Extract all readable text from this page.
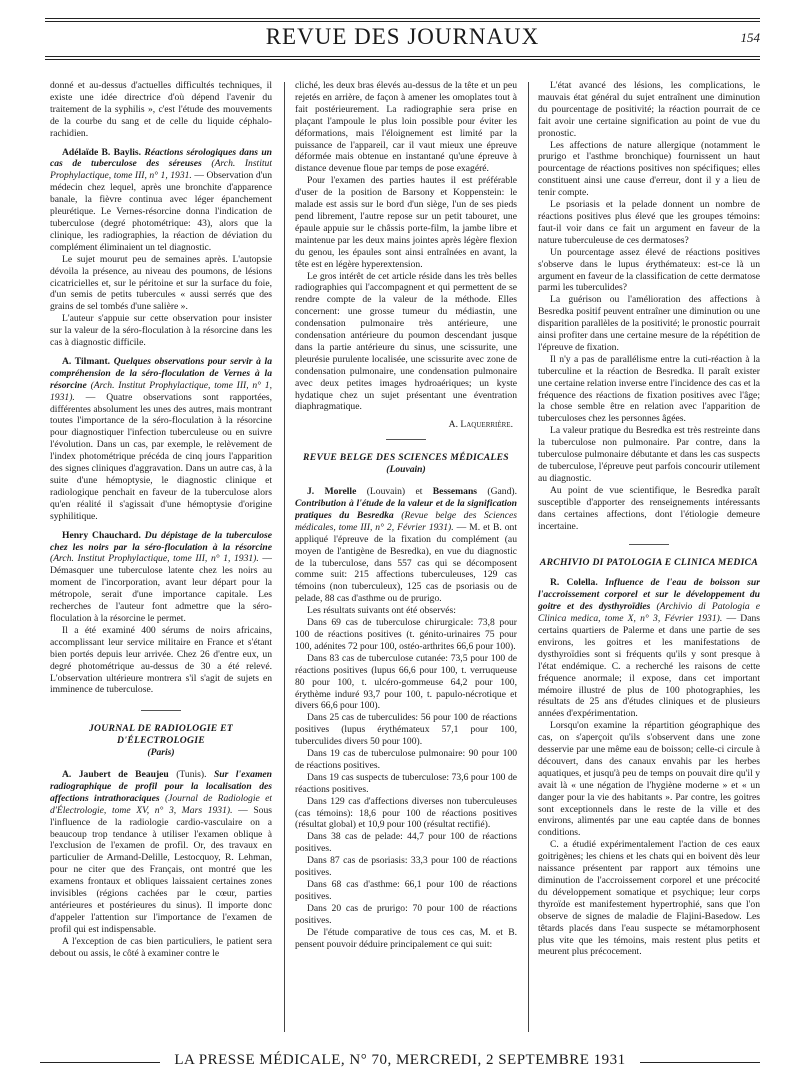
REVUE DES JOURNAUX	154

donné et au-dessus d'actuelles difficultés techniques, il existe une idée directrice d'où dépend l'avenir du traitement de la syphilis », c'est l'étude des mouvements de la courbe du sang et de celle du liquide céphalo-rachidien.

Adélaïde B. Baylis. Réactions sérologiques dans un cas de tuberculose des séreuses (Arch. Institut Prophylactique, tome III, n° 1, 1931. — Observation d'un médecin chez lequel, après une bronchite d'apparence banale, la fièvre continua avec léger épanchement pleurétique. Le Vernes-résorcine donna l'indication de tuberculose (degré photométrique: 43), alors que la clinique, les radiographies, la réaction de déviation du complément éliminaient un tel diagnostic.

Le sujet mourut peu de semaines après. L'autopsie dévoila la présence, au niveau des poumons, de lésions cicatricielles et, sur le péritoine et sur la surface du foie, d'un semis de petits tubercules « aussi serrés que des grains de sel tombés d'une salière ».

L'auteur s'appuie sur cette observation pour insister sur la valeur de la séro-floculation à la résorcine dans les cas à diagnostic difficile.

A. Tilmant. Quelques observations pour servir à la compréhension de la séro-floculation de Vernes à la résorcine (Arch. Institut Prophylactique, tome III, n° 1, 1931). — Quatre observations sont rapportées, différentes absolument les unes des autres, mais montrant toutes l'importance de la séro-floculation à la résorcine pour diagnostiquer l'infection tuberculeuse ou en suivre l'évolution. Dans un cas, par exemple, le relèvement de l'index photométrique précéda de cinq jours l'apparition des signes cliniques d'aggravation. Dans un autre cas, à la suite d'une hémoptysie, le diagnostic clinique et radiologique penchait en faveur de la tuberculose alors qu'en réalité il s'agissait d'une hémoptysie d'origine syphilitique.

Henry Chauchard. Du dépistage de la tuberculose chez les noirs par la séro-floculation à la résorcine (Arch. Institut Prophylactique, tome III, n° 1, 1931). — Démasquer une tuberculose latente chez les noirs au moment de l'incorporation, avant leur départ pour la métropole, serait d'une importance capitale. Les recherches de l'auteur font admettre que la séro-floculation à la résorcine le permet.

Il a été examiné 400 sérums de noirs africains, accomplissant leur service militaire en France et s'étant bien portés depuis leur arrivée. Chez 26 d'entre eux, un degré photométrique au-dessus de 30 a été relevé. L'observation ultérieure montrera s'il s'agit de sujets en imminence de tuberculose.

JOURNAL DE RADIOLOGIE ET D'ÉLECTROLOGIE

(Paris)

A. Jaubert de Beaujeu (Tunis). Sur l'examen radiographique de profil pour la localisation des affections intrathoraciques (Journal de Radiologie et d'Électrologie, tome XV, n° 3, Mars 1931). — Sous l'influence de la radiologie cardio-vasculaire on a beaucoup trop tendance à utiliser l'examen oblique à l'exclusion de l'examen de profil. Or, des travaux en particulier de Armand-Delille, Lestocquoy, R. Lehman, pour ne citer que des Français, ont montré que les examens frontaux et obliques laissaient certaines zones invisibles (régions cachées par le cœur, parties antérieures et postérieures du sinus). Il importe donc d'appeler l'attention sur l'importance de l'examen de profil qui est indispensable.

A l'exception de cas bien particuliers, le patient sera debout ou assis, le côté à examiner contre le

cliché, les deux bras élevés au-dessus de la tête et un peu rejetés en arrière, de façon à amener les omoplates tout à fait postérieurement. La radiographie sera prise en plaçant l'ampoule le plus loin possible pour éviter les déformations, mais l'éloignement est limité par la puissance de l'appareil, car il vaut mieux une épreuve déformée mais obtenue en instantané qu'une épreuve à distance devenue floue par temps de pose exagéré.

Pour l'examen des parties hautes il est préférable d'user de la position de Barsony et Koppenstein: le malade est assis sur le bord d'un siège, l'un de ses pieds pend librement, l'autre repose sur un petit tabouret, une épaule appuie sur le châssis porte-film, la jambe libre et maintenue par les deux mains jointes après légère flexion du genou, les épaules sont ainsi entraînées en avant, la tête est en légère hyperextension.

Le gros intérêt de cet article réside dans les très belles radiographies qui l'accompagnent et qui permettent de se rendre compte de la valeur de la méthode. Elles concernent: une grosse tumeur du médiastin, une condensation pulmonaire très antérieure, une condensation antérieure du poumon descendant jusque dans la partie antérieure du sinus, une scissurite, une pleurésie purulente localisée, une scissurite avec zone de condensation pulmonaire, une condensation pulmonaire avec deux petites images hydroaériques; un kyste hydatique chez un sujet présentant une éventration diaphragmatique.

A. Laquerrière.

REVUE BELGE DES SCIENCES MÉDICALES

(Louvain)

J. Morelle (Louvain) et Bessemans (Gand). Contribution à l'étude de la valeur et de la signification pratiques du Besredka (Revue belge des Sciences médicales, tome III, n° 2, Février 1931). — M. et B. ont appliqué l'épreuve de la fixation du complément (au moyen de l'antigène de Besredka), en vue du diagnostic de la tuberculose, dans 557 cas qui se décomposent comme suit: 215 affections tuberculeuses, 129 cas témoins (non tuberculeux), 125 cas de psoriasis ou de pelade, 88 cas d'asthme ou de prurigo.

Les résultats suivants ont été observés:

Dans 69 cas de tuberculose chirurgicale: 73,8 pour 100 de réactions positives (t. génito-urinaires 75 pour 100, adénites 72 pour 100, ostéo-arthrites 66,6 pour 100).

Dans 83 cas de tuberculose cutanée: 73,5 pour 100 de réactions positives (lupus 66,6 pour 100, t. verruqueuse 80 pour 100, t. ulcéro-gommeuse 64,2 pour 100, érythème induré 93,7 pour 100, t. papulo-nécrotique et divers 66,6 pour 100).

Dans 25 cas de tuberculides: 56 pour 100 de réactions positives (lupus érythémateux 57,1 pour 100, tuberculides divers 50 pour 100).

Dans 19 cas de tuberculose pulmonaire: 90 pour 100 de réactions positives.

Dans 19 cas suspects de tuberculose: 73,6 pour 100 de réactions positives.

Dans 129 cas d'affections diverses non tuberculeuses (cas témoins): 18,6 pour 100 de réactions positives (résultat global) et 10,9 pour 100 (résultat rectifié).

Dans 38 cas de pelade: 44,7 pour 100 de réactions positives.

Dans 87 cas de psoriasis: 33,3 pour 100 de réactions positives.

Dans 68 cas d'asthme: 66,1 pour 100 de réactions positives.

Dans 20 cas de prurigo: 70 pour 100 de réactions positives.

De l'étude comparative de tous ces cas, M. et B. pensent pouvoir déduire principalement ce qui suit:

L'état avancé des lésions, les complications, le mauvais état général du sujet entraînent une diminution du pourcentage de positivité; la réaction pourrait de ce fait avoir une certaine signification au point de vue du pronostic.

Les affections de nature allergique (notamment le prurigo et l'asthme bronchique) fournissent un haut pourcentage de réactions positives non spécifiques; elles constituent ainsi une cause d'erreur, dont il y a lieu de tenir compte.

Le psoriasis et la pelade donnent un nombre de réactions positives plus élevé que les groupes témoins: faut-il voir dans ce fait un argument en faveur de la nature tuberculeuse de ces dermatoses?

Un pourcentage assez élevé de réactions positives s'observe dans le lupus érythémateux: est-ce là un argument en faveur de la classification de cette dermatose parmi les tuberculides?

La guérison ou l'amélioration des affections à Besredka positif peuvent entraîner une diminution ou une disparition parallèles de la positivité; le pronostic pourrait ainsi profiter dans une certaine mesure de la répétition de l'épreuve de fixation.

Il n'y a pas de parallélisme entre la cuti-réaction à la tuberculine et la réaction de Besredka. Il paraît exister une certaine relation inverse entre l'incidence des cas et la fréquence des réactions de fixation positives avec l'âge; la chose semble être en relation avec l'apparition de tuberculoses chez les personnes âgées.

La valeur pratique du Besredka est très restreinte dans la tuberculose non pulmonaire. Par contre, dans la tuberculose pulmonaire débutante et dans les cas suspects de tuberculose, l'épreuve peut parfois concourir utilement au diagnostic.

Au point de vue scientifique, le Besredka paraît susceptible d'apporter des renseignements intéressants dans certaines affections, dont l'étiologie demeure incertaine.

ARCHIVIO DI PATOLOGIA E CLINICA MEDICA

R. Colella. Influence de l'eau de boisson sur l'accroissement corporel et sur le développement du goitre et des dysthyroïdies (Archivio di Patologia e Clinica medica, tome X, n° 3, Février 1931). — Dans certains quartiers de Palerme et dans une partie de ses environs, les goitres et les manifestations de dysthyroïdies sont si fréquents qu'ils y sont presque à l'état endémique. C. a recherché les raisons de cette fréquence anormale; il expose, dans cet important mémoire illustré de plus de 100 photographies, les résultats de 25 ans d'études cliniques et de plusieurs années d'expérimentation.

Lorsqu'on examine la répartition géographique des cas, on s'aperçoit qu'ils s'observent dans une zone desservie par une même eau de boisson; celle-ci circule à découvert, dans des canaux envahis par les herbes aquatiques, et jusqu'à peu de temps on pouvait dire qu'il y avait là « une négation de l'hygiène moderne » et « un danger pour la vie des habitants ». Par contre, les goitres sont exceptionnels dans le reste de la ville et des environs, alimentés par une eau captée dans de bonnes conditions.

C. a étudié expérimentalement l'action de ces eaux goitrigènes; les chiens et les chats qui en boivent dès leur naissance présentent par rapport aux témoins une diminution de l'accroissement corporel et une précocité du développement somatique et psychique; leur corps thyroïde est manifestement hypertrophié, sans que l'on observe de signes de maladie de Flajini-Basedow. Les têtards placés dans l'eau suspecte se métamorphosent plus vite que les témoins, mais restent plus petits et meurent plus précocement.

LA PRESSE MÉDICALE, N° 70, MERCREDI, 2 SEPTEMBRE 1931
